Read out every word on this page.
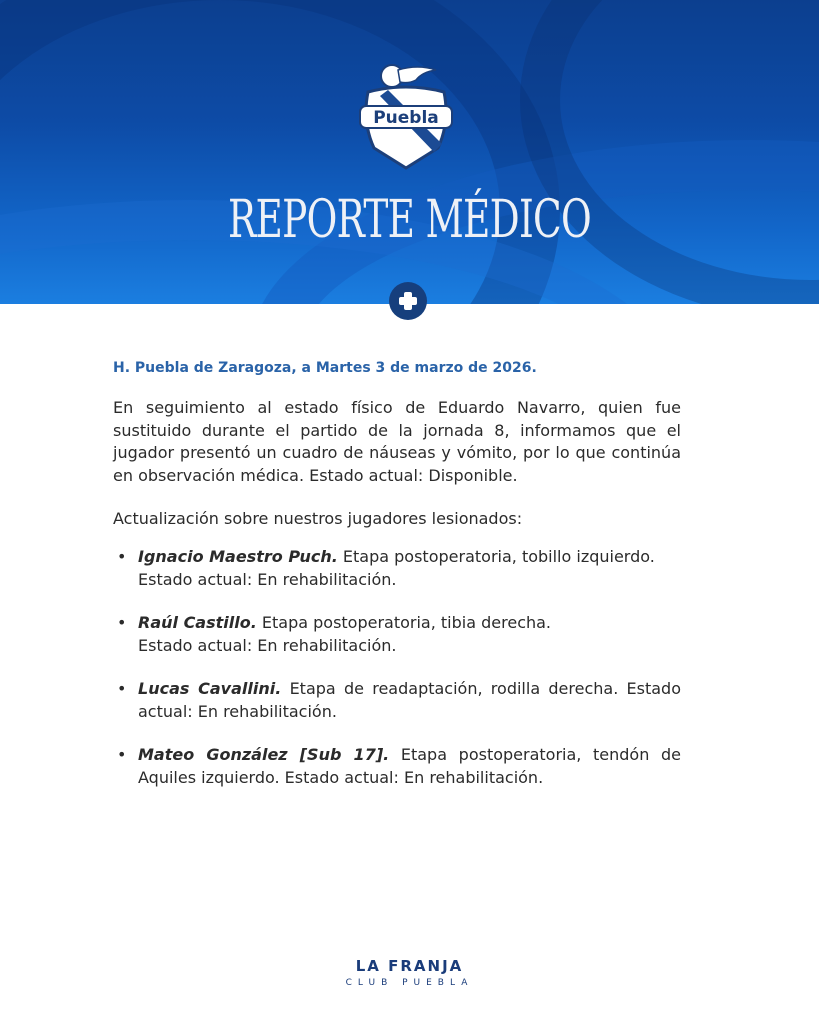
Puebla
REPORTE MÉDICO

H. Puebla de Zaragoza, a Martes 3 de marzo de 2026.

En seguimiento al estado físico de Eduardo Navarro, quien fue sustituido durante el partido de la jornada 8, informamos que el jugador presentó un cuadro de náuseas y vómito, por lo que continúa en observación médica. Estado actual: Disponible.

Actualización sobre nuestros jugadores lesionados:

• Ignacio Maestro Puch. Etapa postoperatoria, tobillo izquierdo.
Estado actual: En rehabilitación.
• Raúl Castillo. Etapa postoperatoria, tibia derecha.
Estado actual: En rehabilitación.
• Lucas Cavallini. Etapa de readaptación, rodilla derecha. Estado actual: En rehabilitación.
• Mateo González [Sub 17]. Etapa postoperatoria, tendón de Aquiles izquierdo. Estado actual: En rehabilitación.
LA FRANJA
CLUB PUEBLA
